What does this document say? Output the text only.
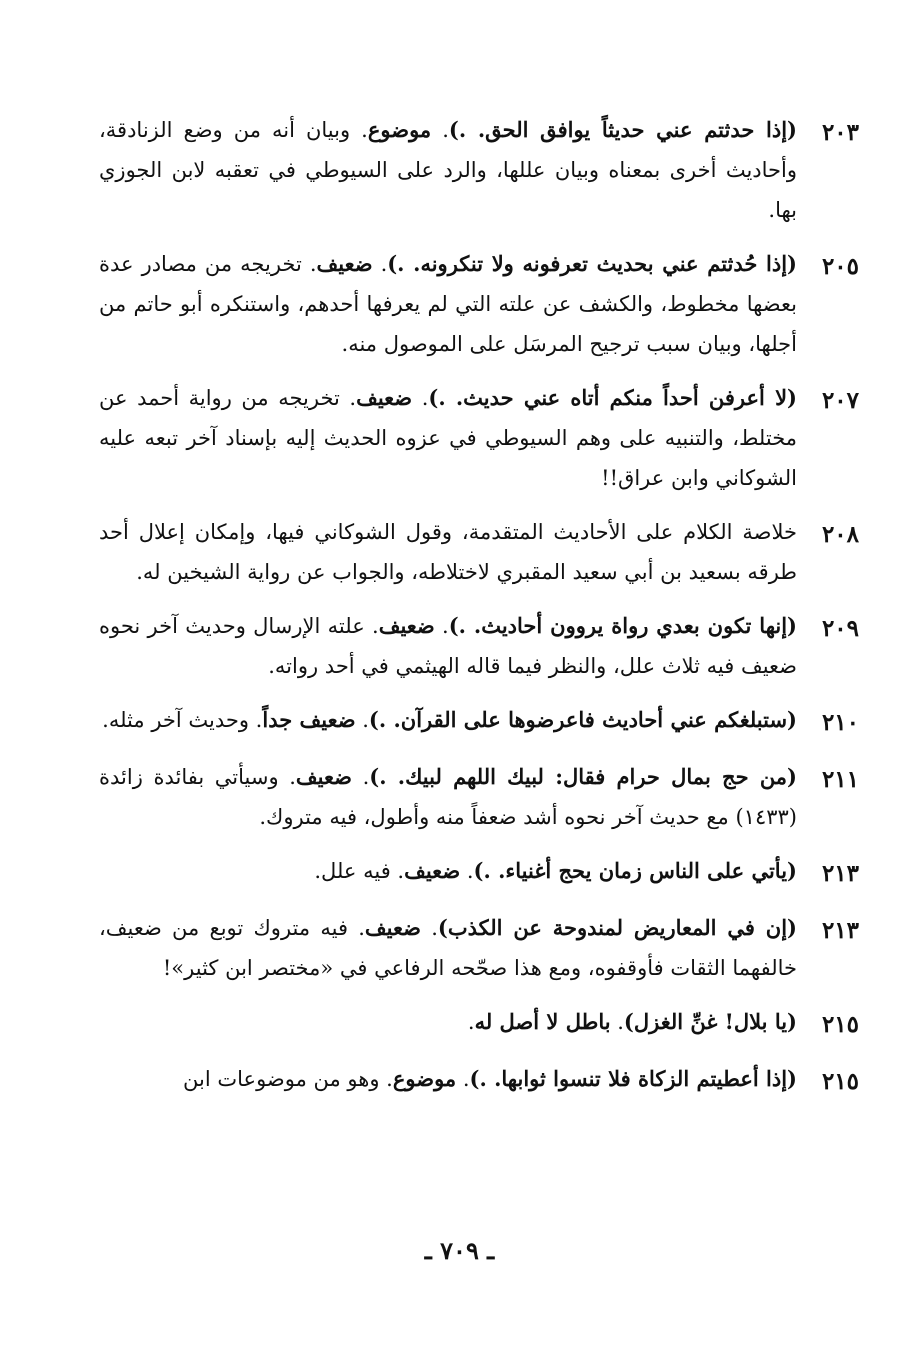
٢٠٣
(إذا حدثتم عني حديثاً يوافق الحق. .). موضوع. وبيان أنه من وضع الزنادقة، وأحاديث أخرى بمعناه وبيان عللها، والرد على السيوطي في تعقبه لابن الجوزي بها.
٢٠٥
(إذا حُدثتم عني بحديث تعرفونه ولا تنكرونه. .). ضعيف. تخريجه من مصادر عدة بعضها مخطوط، والكشف عن علته التي لم يعرفها أحدهم، واستنكره أبو حاتم من أجلها، وبيان سبب ترجيح المرسَل على الموصول منه.
٢٠٧
(لا أعرفن أحداً منكم أتاه عني حديث. .). ضعيف. تخريجه من رواية أحمد عن مختلط، والتنبيه على وهم السيوطي في عزوه الحديث إليه بإسناد آخر تبعه عليه الشوكاني وابن عراق!!
٢٠٨
خلاصة الكلام على الأحاديث المتقدمة، وقول الشوكاني فيها، وإمكان إعلال أحد طرقه بسعيد بن أبي سعيد المقبري لاختلاطه، والجواب عن رواية الشيخين له.
٢٠٩
(إنها تكون بعدي رواة يروون أحاديث. .). ضعيف. علته الإرسال وحديث آخر نحوه ضعيف فيه ثلاث علل، والنظر فيما قاله الهيثمي في أحد رواته.
٢١٠
(ستبلغكم عني أحاديث فاعرضوها على القرآن. .). ضعيف جداً. وحديث آخر مثله.
٢١١
(من حج بمال حرام فقال: لبيك اللهم لبيك. .). ضعيف. وسيأتي بفائدة زائدة (١٤٣٣) مع حديث آخر نحوه أشد ضعفاً منه وأطول، فيه متروك.
٢١٣
(يأتي على الناس زمان يحج أغنياء. .). ضعيف. فيه علل.
٢١٣
(إن في المعاريض لمندوحة عن الكذب). ضعيف. فيه متروك توبع من ضعيف، خالفهما الثقات فأوقفوه، ومع هذا صحّحه الرفاعي في «مختصر ابن كثير»!
٢١٥
(يا بلال! غنِّ الغزل). باطل لا أصل له.
٢١٥
(إذا أعطيتم الزكاة فلا تنسوا ثوابها. .). موضوع. وهو من موضوعات ابن
ـ ٧٠٩ ـ
